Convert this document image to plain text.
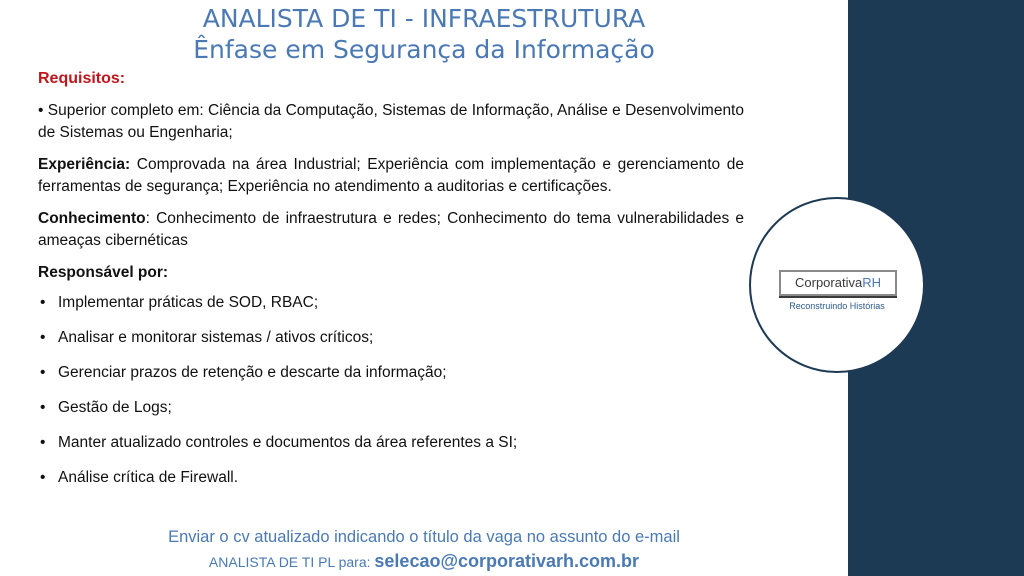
ANALISTA DE TI - INFRAESTRUTURA
Ênfase em Segurança da Informação
Requisitos:
• Superior completo em: Ciência da Computação, Sistemas de Informação, Análise e Desenvolvimento de Sistemas ou Engenharia;
Experiência: Comprovada na área Industrial; Experiência com implementação e gerenciamento de ferramentas de segurança; Experiência no atendimento a auditorias e certificações.
Conhecimento: Conhecimento de infraestrutura e redes; Conhecimento do tema vulnerabilidades e ameaças cibernéticas
Responsável por:
• Implementar práticas de SOD, RBAC;
• Analisar e monitorar sistemas / ativos críticos;
• Gerenciar prazos de retenção e descarte da informação;
• Gestão de Logs;
• Manter atualizado controles e documentos da área referentes a SI;
• Análise crítica de Firewall.
Enviar o cv atualizado indicando o título da vaga no assunto do e-mail
ANALISTA DE TI PL para: selecao@corporativarh.com.br
CorporativaRH
Reconstruindo Histórias
